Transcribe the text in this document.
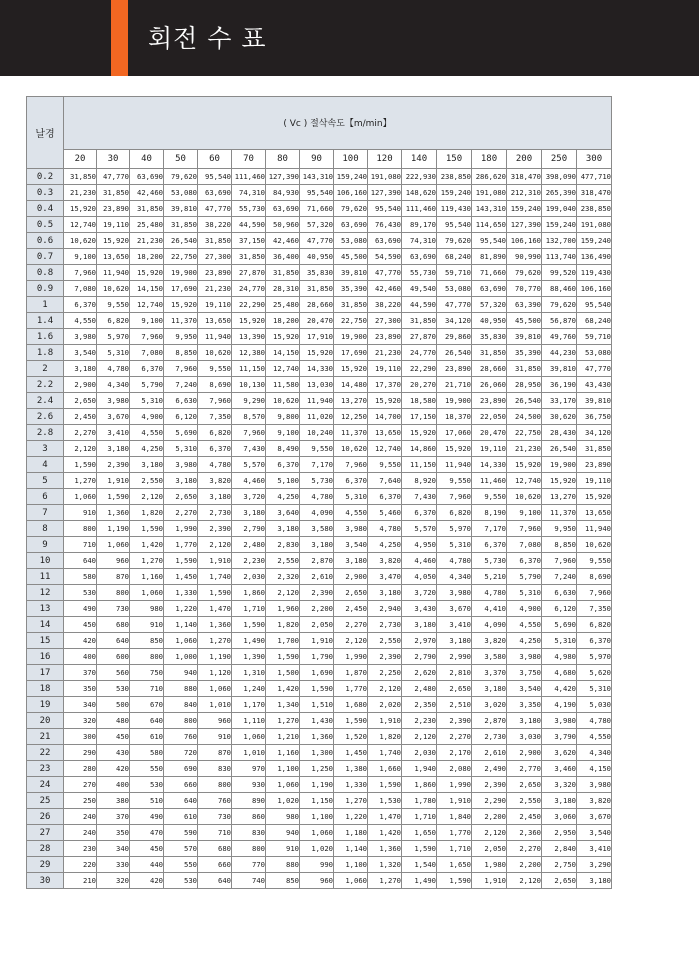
회전 수 표
날경	( Vc ) 절삭속도【m/min】															
	20	30	40	50	60	70	80	90	100	120	140	150	180	200	250	300
0.2	31,850	47,770	63,690	79,620	95,540	111,460	127,390	143,310	159,240	191,080	222,930	238,850	286,620	318,470	398,090	477,710
0.3	21,230	31,850	42,460	53,080	63,690	74,310	84,930	95,540	106,160	127,390	148,620	159,240	191,080	212,310	265,390	318,470
0.4	15,920	23,890	31,850	39,810	47,770	55,730	63,690	71,660	79,620	95,540	111,460	119,430	143,310	159,240	199,040	238,850
0.5	12,740	19,110	25,480	31,850	38,220	44,590	50,960	57,320	63,690	76,430	89,170	95,540	114,650	127,390	159,240	191,080
0.6	10,620	15,920	21,230	26,540	31,850	37,150	42,460	47,770	53,080	63,690	74,310	79,620	95,540	106,160	132,700	159,240
0.7	9,100	13,650	18,200	22,750	27,300	31,850	36,400	40,950	45,500	54,590	63,690	68,240	81,890	90,990	113,740	136,490
0.8	7,960	11,940	15,920	19,900	23,890	27,870	31,850	35,830	39,810	47,770	55,730	59,710	71,660	79,620	99,520	119,430
0.9	7,080	10,620	14,150	17,690	21,230	24,770	28,310	31,850	35,390	42,460	49,540	53,080	63,690	70,770	88,460	106,160
1	6,370	9,550	12,740	15,920	19,110	22,290	25,480	28,660	31,850	38,220	44,590	47,770	57,320	63,390	79,620	95,540
1.4	4,550	6,820	9,100	11,370	13,650	15,920	18,200	20,470	22,750	27,300	31,850	34,120	40,950	45,500	56,870	68,240
1.6	3,980	5,970	7,960	9,950	11,940	13,390	15,920	17,910	19,900	23,890	27,870	29,860	35,830	39,810	49,760	59,710
1.8	3,540	5,310	7,080	8,850	10,620	12,380	14,150	15,920	17,690	21,230	24,770	26,540	31,850	35,390	44,230	53,080
2	3,180	4,780	6,370	7,960	9,550	11,150	12,740	14,330	15,920	19,110	22,290	23,890	28,660	31,850	39,810	47,770
2.2	2,900	4,340	5,790	7,240	8,690	10,130	11,580	13,030	14,480	17,370	20,270	21,710	26,060	28,950	36,190	43,430
2.4	2,650	3,980	5,310	6,630	7,960	9,290	10,620	11,940	13,270	15,920	18,580	19,900	23,890	26,540	33,170	39,810
2.6	2,450	3,670	4,900	6,120	7,350	8,570	9,800	11,020	12,250	14,700	17,150	18,370	22,050	24,500	30,620	36,750
2.8	2,270	3,410	4,550	5,690	6,820	7,960	9,100	10,240	11,370	13,650	15,920	17,060	20,470	22,750	28,430	34,120
3	2,120	3,180	4,250	5,310	6,370	7,430	8,490	9,550	10,620	12,740	14,860	15,920	19,110	21,230	26,540	31,850
4	1,590	2,390	3,180	3,980	4,780	5,570	6,370	7,170	7,960	9,550	11,150	11,940	14,330	15,920	19,900	23,890
5	1,270	1,910	2,550	3,180	3,820	4,460	5,100	5,730	6,370	7,640	8,920	9,550	11,460	12,740	15,920	19,110
6	1,060	1,590	2,120	2,650	3,180	3,720	4,250	4,780	5,310	6,370	7,430	7,960	9,550	10,620	13,270	15,920
7	910	1,360	1,820	2,270	2,730	3,180	3,640	4,090	4,550	5,460	6,370	6,820	8,190	9,100	11,370	13,650
8	800	1,190	1,590	1,990	2,390	2,790	3,180	3,580	3,980	4,780	5,570	5,970	7,170	7,960	9,950	11,940
9	710	1,060	1,420	1,770	2,120	2,480	2,830	3,180	3,540	4,250	4,950	5,310	6,370	7,080	8,850	10,620
10	640	960	1,270	1,590	1,910	2,230	2,550	2,870	3,180	3,820	4,460	4,780	5,730	6,370	7,960	9,550
11	580	870	1,160	1,450	1,740	2,030	2,320	2,610	2,900	3,470	4,050	4,340	5,210	5,790	7,240	8,690
12	530	800	1,060	1,330	1,590	1,860	2,120	2,390	2,650	3,180	3,720	3,980	4,780	5,310	6,630	7,960
13	490	730	980	1,220	1,470	1,710	1,960	2,200	2,450	2,940	3,430	3,670	4,410	4,900	6,120	7,350
14	450	680	910	1,140	1,360	1,590	1,820	2,050	2,270	2,730	3,180	3,410	4,090	4,550	5,690	6,820
15	420	640	850	1,060	1,270	1,490	1,700	1,910	2,120	2,550	2,970	3,180	3,820	4,250	5,310	6,370
16	400	600	800	1,000	1,190	1,390	1,590	1,790	1,990	2,390	2,790	2,990	3,580	3,980	4,980	5,970
17	370	560	750	940	1,120	1,310	1,500	1,690	1,870	2,250	2,620	2,810	3,370	3,750	4,680	5,620
18	350	530	710	880	1,060	1,240	1,420	1,590	1,770	2,120	2,480	2,650	3,180	3,540	4,420	5,310
19	340	500	670	840	1,010	1,170	1,340	1,510	1,680	2,020	2,350	2,510	3,020	3,350	4,190	5,030
20	320	480	640	800	960	1,110	1,270	1,430	1,590	1,910	2,230	2,390	2,870	3,180	3,980	4,780
21	300	450	610	760	910	1,060	1,210	1,360	1,520	1,820	2,120	2,270	2,730	3,030	3,790	4,550
22	290	430	580	720	870	1,010	1,160	1,300	1,450	1,740	2,030	2,170	2,610	2,900	3,620	4,340
23	280	420	550	690	830	970	1,100	1,250	1,380	1,660	1,940	2,080	2,490	2,770	3,460	4,150
24	270	400	530	660	800	930	1,060	1,190	1,330	1,590	1,860	1,990	2,390	2,650	3,320	3,980
25	250	380	510	640	760	890	1,020	1,150	1,270	1,530	1,780	1,910	2,290	2,550	3,180	3,820
26	240	370	490	610	730	860	980	1,100	1,220	1,470	1,710	1,840	2,200	2,450	3,060	3,670
27	240	350	470	590	710	830	940	1,060	1,180	1,420	1,650	1,770	2,120	2,360	2,950	3,540
28	230	340	450	570	680	800	910	1,020	1,140	1,360	1,590	1,710	2,050	2,270	2,840	3,410
29	220	330	440	550	660	770	880	990	1,100	1,320	1,540	1,650	1,980	2,200	2,750	3,290
30	210	320	420	530	640	740	850	960	1,060	1,270	1,490	1,590	1,910	2,120	2,650	3,180
